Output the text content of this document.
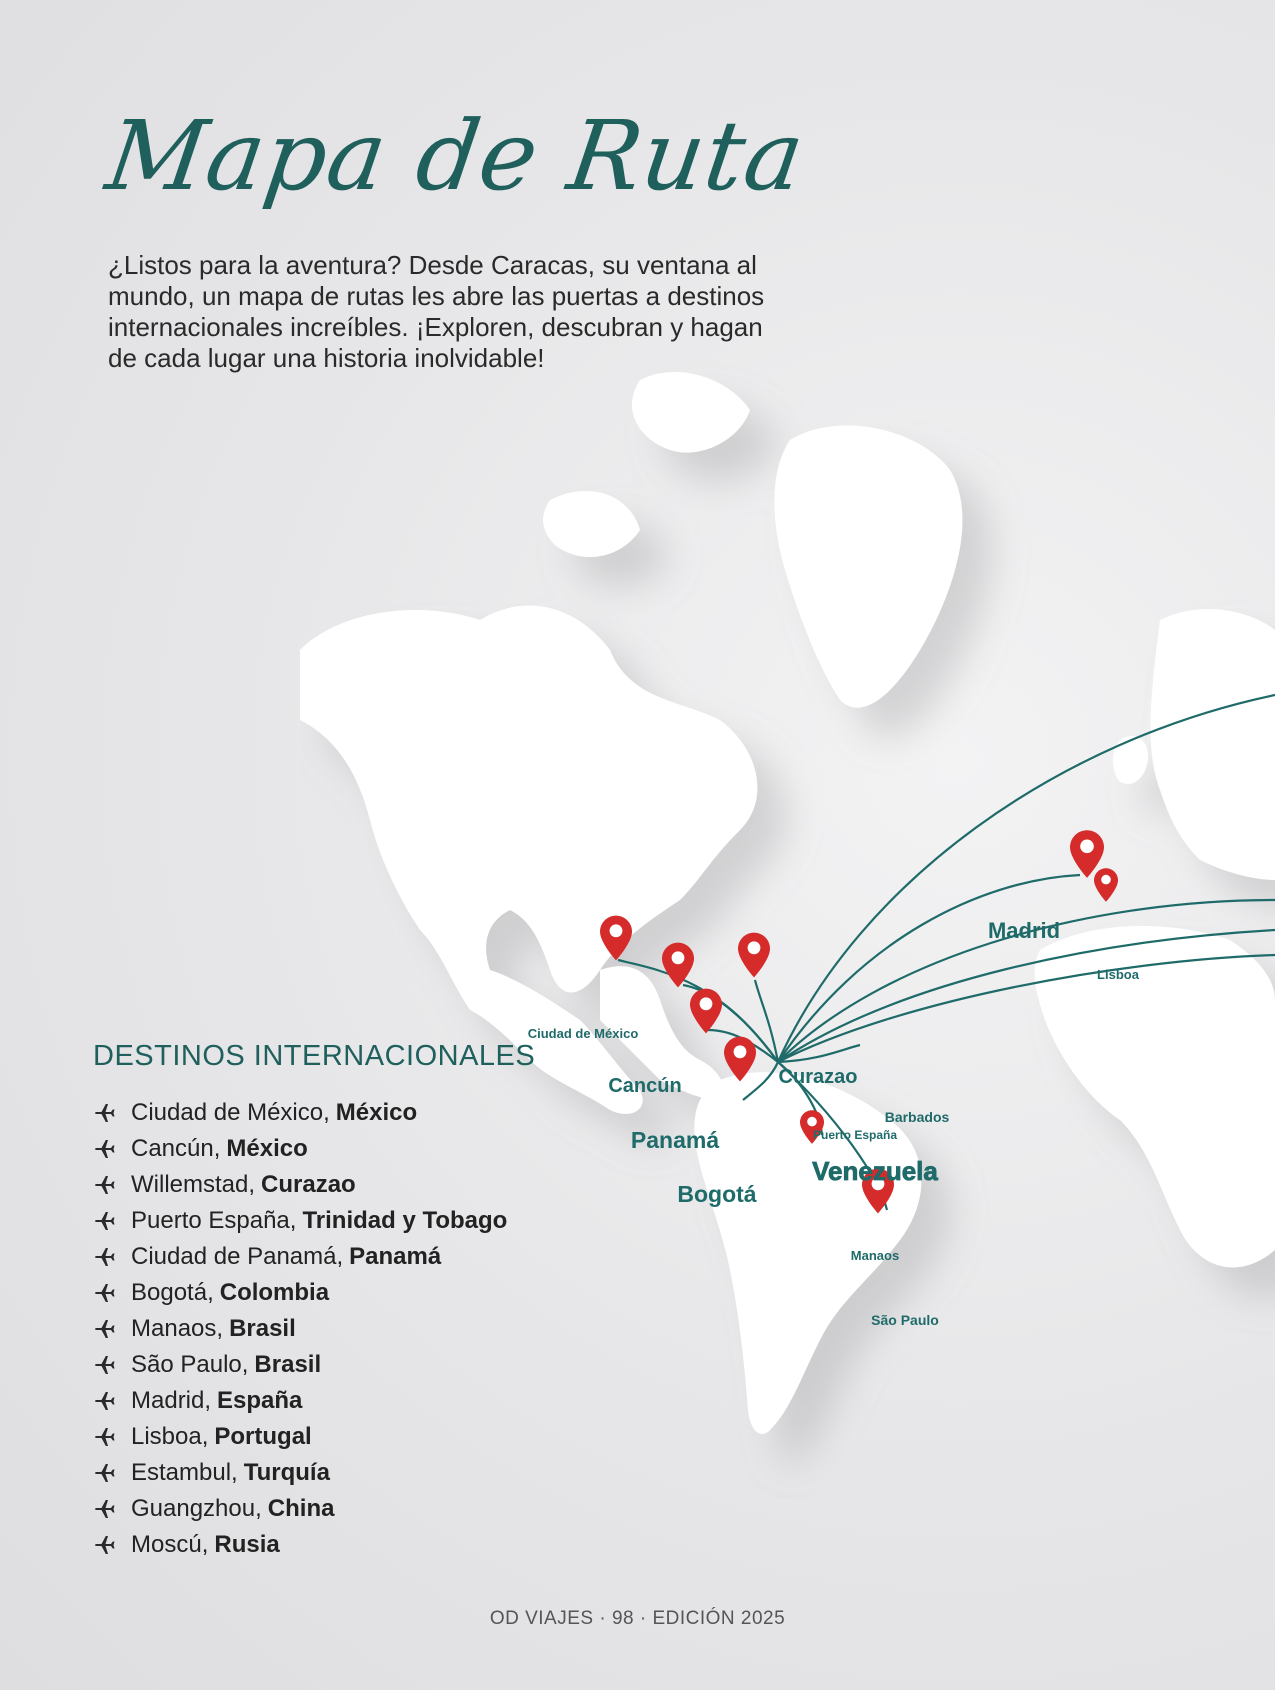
Mapa de Ruta
¿Listos para la aventura? Desde Caracas, su ventana al mundo, un mapa de rutas les abre las puertas a destinos internacionales increíbles. ¡Exploren, descubran y hagan de cada lugar una historia inolvidable!
Ciudad de México
Cancún	Curazao
Barbados
Puerto España
Panamá
Bogotá
Venezuela
Manaos
São Paulo
Madrid
Lisboa
DESTINOS INTERNACIONALES
Ciudad de México, México
Cancún, México
Willemstad, Curazao
Puerto España, Trinidad y Tobago
Ciudad de Panamá, Panamá
Bogotá, Colombia
Manaos, Brasil
São Paulo, Brasil
Madrid, España
Lisboa, Portugal
Estambul, Turquía
Guangzhou, China
Moscú, Rusia
OD VIAJES · 98 · EDICIÓN 2025
